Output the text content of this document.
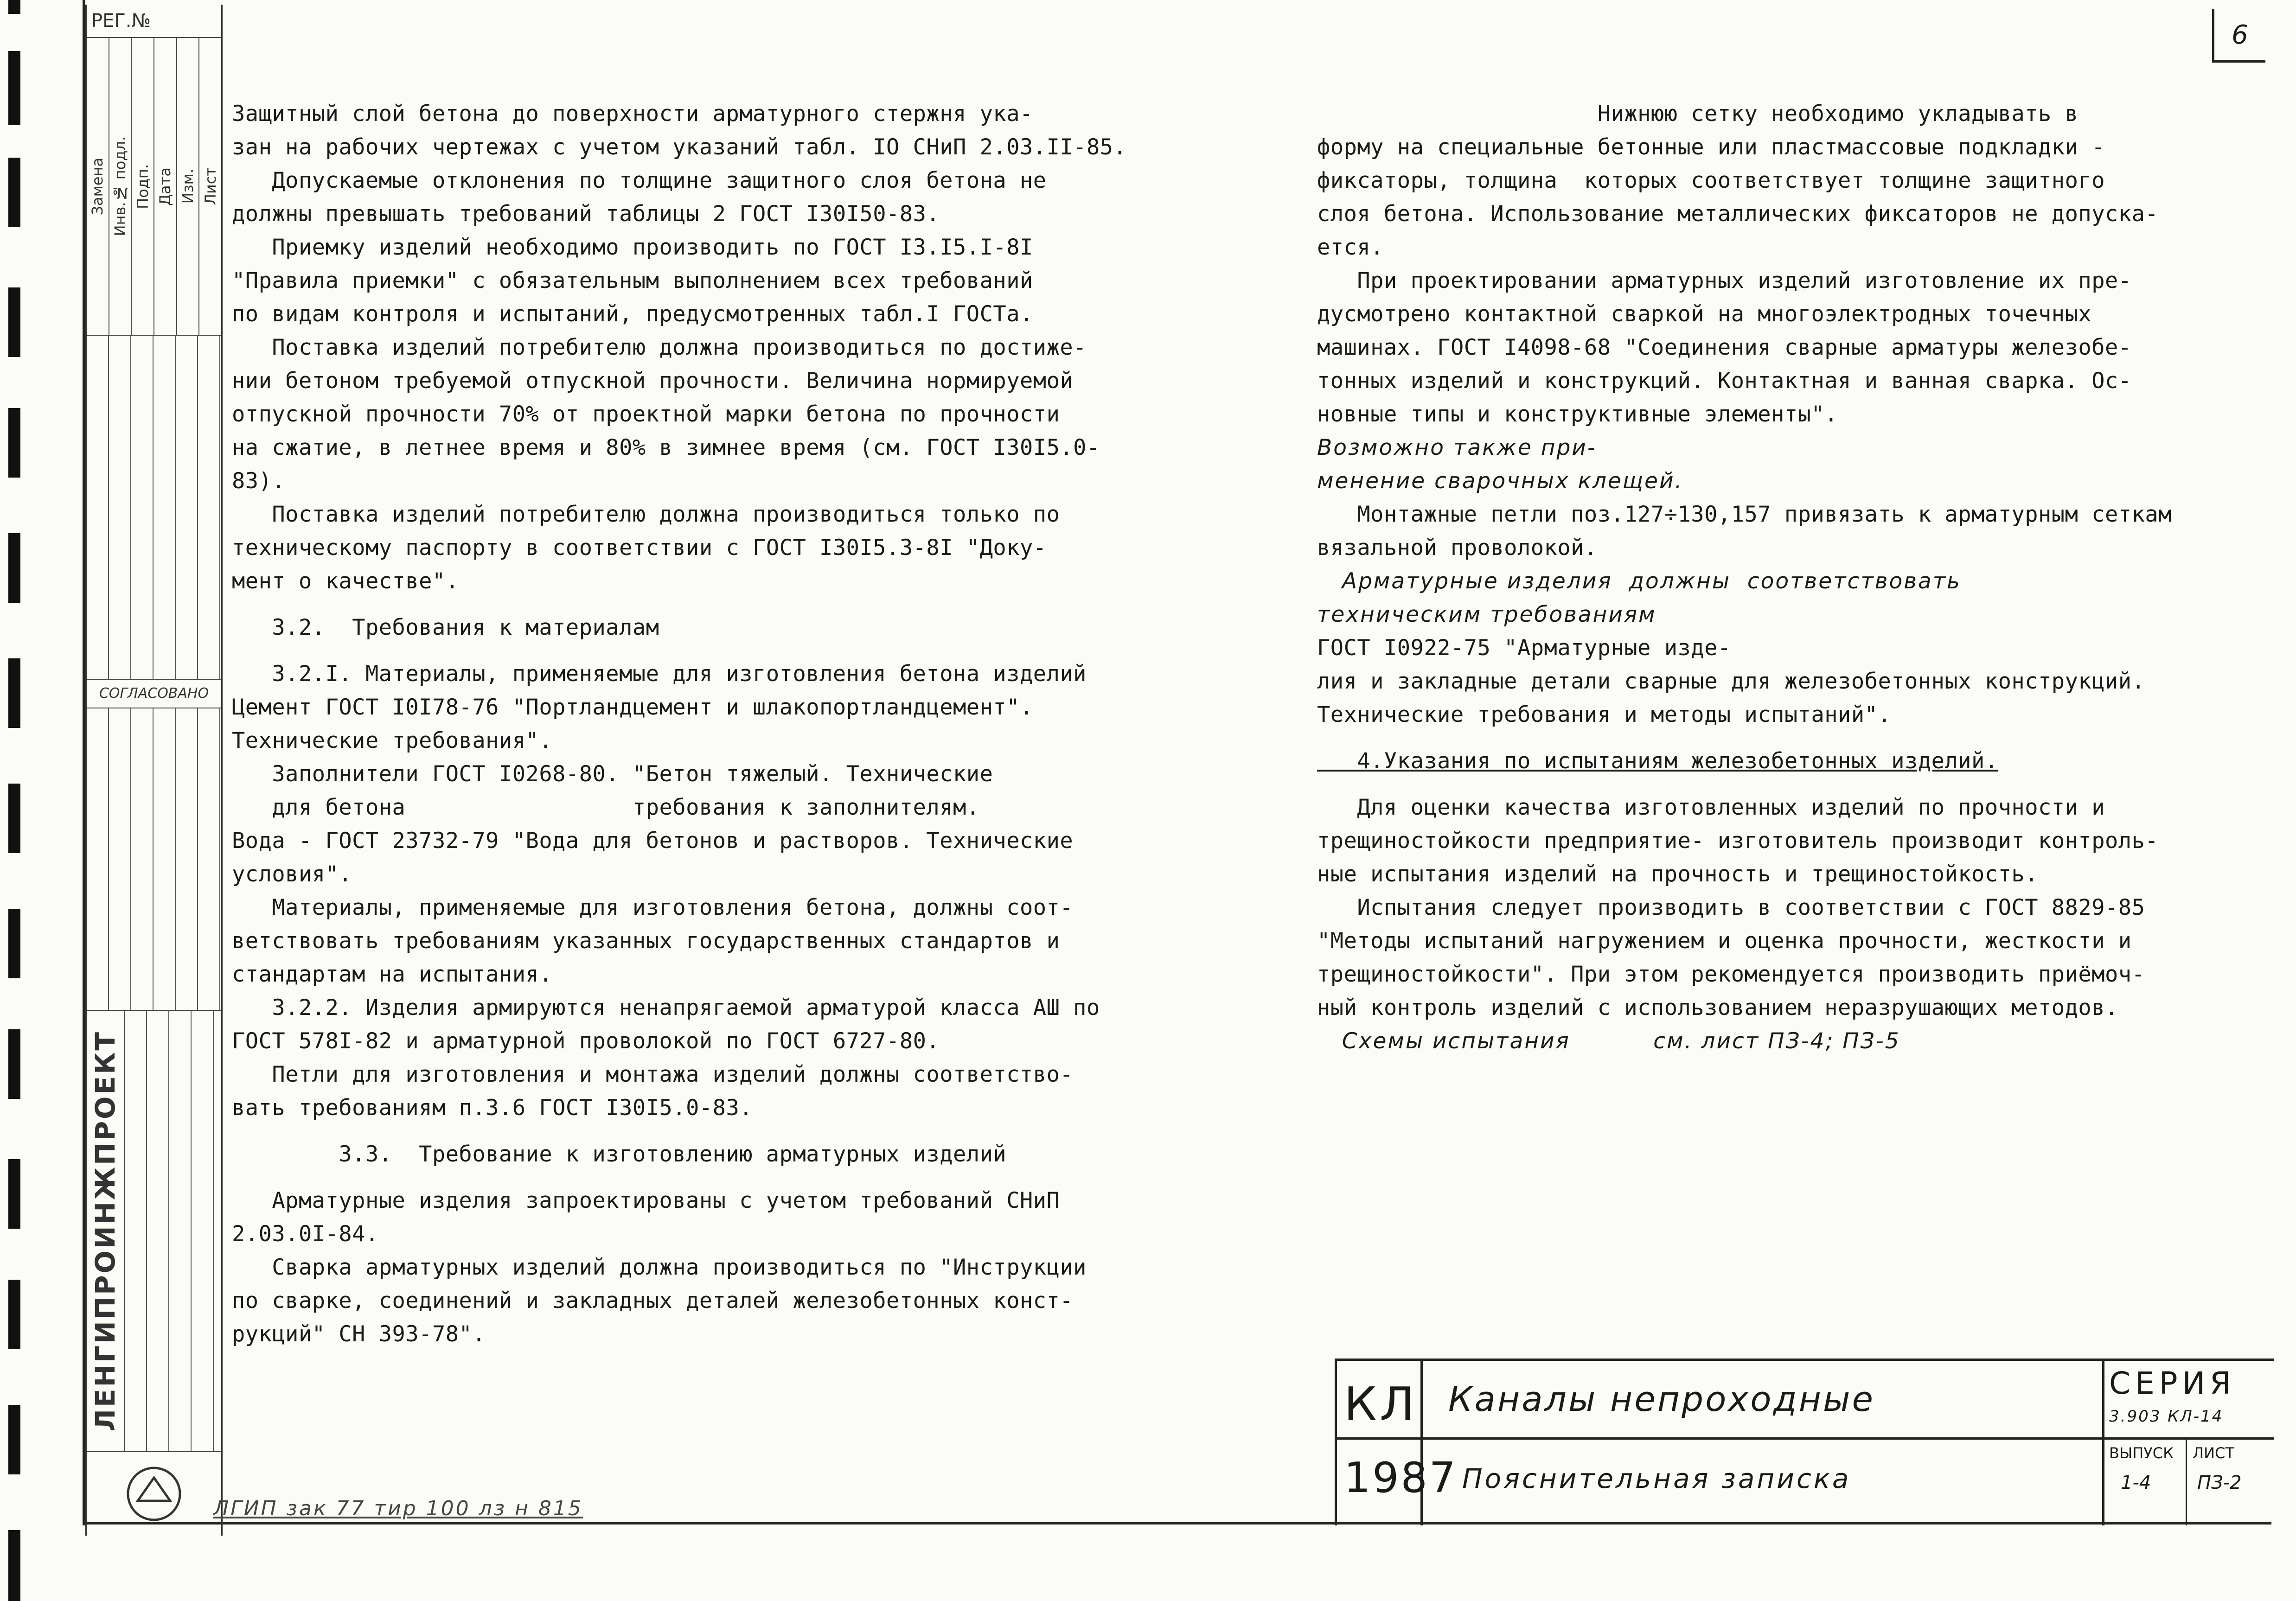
РЕГ.№
Замена Инв.№ подл. Подп. Дата Изм. Лист
СОГЛАСОВАНО
ЛЕНГИПРОИНЖПРОЕКТ
6

Защитный слой бетона до поверхности арматурного стержня ука-
зан на рабочих чертежах с учетом указаний табл. IO СНиП 2.03.II-85.
Допускаемые отклонения по толщине защитного слоя бетона не
должны превышать требований таблицы 2 ГОСТ I30I50-83.

Приемку изделий необходимо производить по ГОСТ I3.I5.I-8I
"Правила приемки" с обязательным выполнением всех требований
по видам контроля и испытаний, предусмотренных табл.I ГОСТа.

Поставка изделий потребителю должна производиться по достиже-
нии бетоном требуемой отпускной прочности. Величина нормируемой
отпускной прочности 70% от проектной марки бетона по прочности
на сжатие, в летнее время и 80% в зимнее время (см. ГОСТ I30I5.0-
83).

Поставка изделий потребителю должна производиться только по
техническому паспорту в соответствии с ГОСТ I30I5.3-8I "Доку-
мент о качестве".

3.2.  Требования к материалам

3.2.I. Материалы, применяемые для изготовления бетона изделий
Цемент ГОСТ I0I78-76 "Портландцемент и шлакопортландцемент".
Технические требования".
Заполнители ГОСТ I0268-80. "Бетон тяжелый. Технические
для бетона                 требования к заполнителям.

Вода - ГОСТ 23732-79 "Вода для бетонов и растворов. Технические
условия".
Материалы, применяемые для изготовления бетона, должны соот-
ветствовать требованиям указанных государственных стандартов и
стандартам на испытания.

3.2.2. Изделия армируются ненапрягаемой арматурой класса АШ по
ГОСТ 578I-82 и арматурной проволокой по ГОСТ 6727-80.
Петли для изготовления и монтажа изделий должны соответство-
вать требованиям п.3.6 ГОСТ I30I5.0-83.

3.3.  Требование к изготовлению арматурных изделий

Арматурные изделия запроектированы с учетом требований СНиП
2.03.0I-84.
Сварка арматурных изделий должна производиться по "Инструкции
по сварке, соединений и закладных деталей железобетонных конст-
рукций" СН 393-78".

Нижнюю сетку необходимо укладывать в
форму на специальные бетонные или пластмассовые подкладки -
фиксаторы, толщина  которых соответствует толщине защитного
слоя бетона. Использование металлических фиксаторов не допуска-
ется.

При проектировании арматурных изделий изготовление их пре-
дусмотрено контактной сваркой на многоэлектродных точечных
машинах. ГОСТ I4098-68 "Соединения сварные арматуры железобе-
тонных изделий и конструкций. Контактная и ванная сварка. Ос-
новные типы и конструктивные элементы".

Возможно также при-
менение сварочных клещей.

Монтажные петли поз.127÷130,157 привязать к арматурным сеткам
вязальной проволокой.

Арматурные изделия  должны  соответствовать
техническим требованиям

ГОСТ I0922-75 "Арматурные изде-
лия и закладные детали сварные для железобетонных конструкций.
Технические требования и методы испытаний".

4.Указания по испытаниям железобетонных изделий.

Для оценки качества изготовленных изделий по прочности и
трещиностойкости предприятие- изготовитель производит контроль-
ные испытания изделий на прочность и трещиностойкость.
Испытания следует производить в соответствии с ГОСТ 8829-85
"Методы испытаний нагружением и оценка прочности, жесткости и
трещиностойкости". При этом рекомендуется производить приёмоч-
ный контроль изделий с использованием неразрушающих методов.

Схемы испытания          см. лист ПЗ-4; ПЗ-5

КЛ Каналы непроходные	СЕРИЯ
3.903 КЛ-14
1987 Пояснительная записка
ВЫПУСК
1-4
ЛИСТ
ПЗ-2
ЛГИП зак 77 тир 100 лз н 815
